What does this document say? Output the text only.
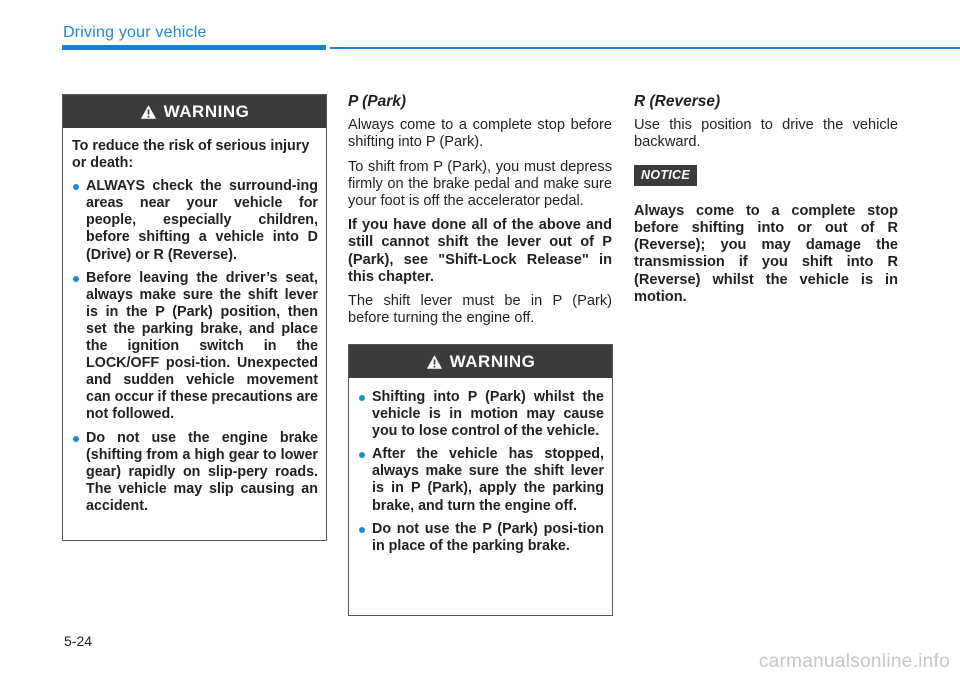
Driving your vehicle
WARNING

To reduce the risk of serious injury or death:

ALWAYS check the surround-ing areas near your vehicle for people, especially children, before shifting a vehicle into D (Drive) or R (Reverse).
Before leaving the driver’s seat, always make sure the shift lever is in the P (Park) position, then set the parking brake, and place the ignition switch in the LOCK/OFF posi-tion. Unexpected and sudden vehicle movement can occur if these precautions are not followed.
Do not use the engine brake (shifting from a high gear to lower gear) rapidly on slip-pery roads. The vehicle may slip causing an accident.
P (Park)

Always come to a complete stop before shifting into P (Park).

To shift from P (Park), you must depress firmly on the brake pedal and make sure your foot is off the accelerator pedal.

If you have done all of the above and still cannot shift the lever out of P (Park), see "Shift-Lock Release" in this chapter.

The shift lever must be in P (Park) before turning the engine off.

WARNING
Shifting into P (Park) whilst the vehicle is in motion may cause you to lose control of the vehicle.
After the vehicle has stopped, always make sure the shift lever is in P (Park), apply the parking brake, and turn the engine off.
Do not use the P (Park) posi-tion in place of the parking brake.
R (Reverse)

Use this position to drive the vehicle backward.

NOTICE

Always come to a complete stop before shifting into or out of R (Reverse); you may damage the transmission if you shift into R (Reverse) whilst the vehicle is in motion.

5-24
carmanualsonline.info
